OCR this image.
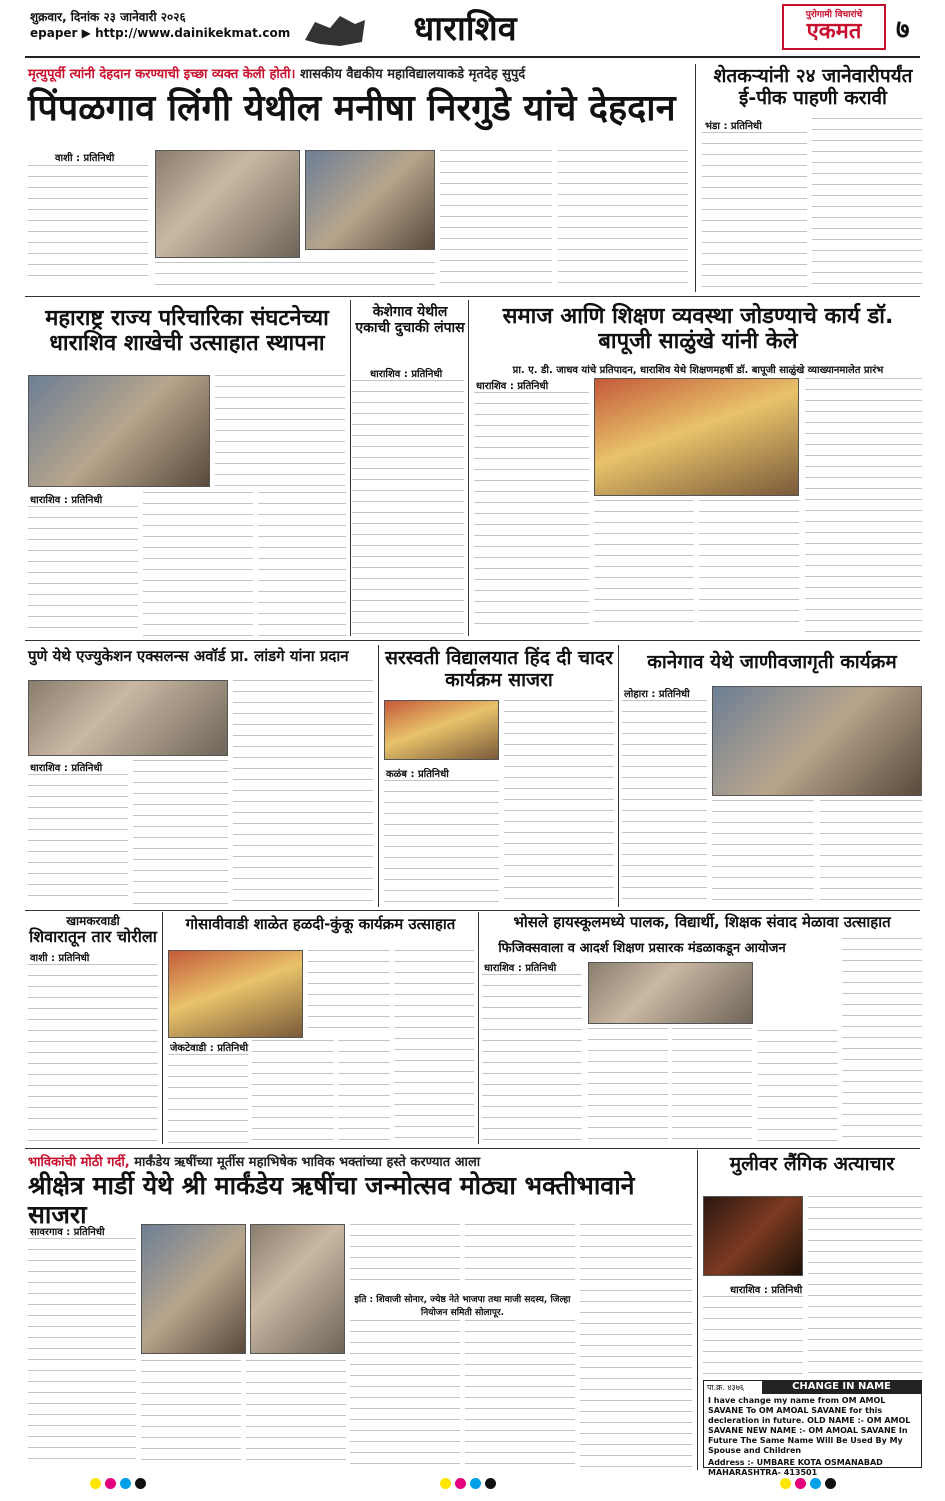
शुक्रवार, दिनांक २३ जानेवारी २०२६
epaper ▶ http://www.dainikekmat.com	धाराशिव	पुरोगामी विचारांचे
एकमत	७
मृत्युपूर्वी त्यांनी देहदान करण्याची इच्छा व्यक्त केली होती। शासकीय वैद्यकीय महाविद्यालयाकडे मृतदेह सुपुर्द
पिंपळगाव लिंगी येथील मनीषा निरगुडे यांचे देहदान
वाशी : प्रतिनिधी
शेतकऱ्यांनी २४ जानेवारीपर्यंत ई-पीक पाहणी करावी
भंडा : प्रतिनिधी
महाराष्ट्र राज्य परिचारिका संघटनेच्या धाराशिव शाखेची उत्साहात स्थापना
धाराशिव : प्रतिनिधी
केशेगाव येथील एकाची दुचाकी लंपास
धाराशिव : प्रतिनिधी
समाज आणि शिक्षण व्यवस्था जोडण्याचे कार्य डॉ. बापूजी साळुंखे यांनी केले
प्रा. ए. डी. जाधव यांचे प्रतिपादन, धाराशिव येथे शिक्षणमहर्षी डॉ. बापूजी साळुंखे व्याख्यानमालेत प्रारंभ
धाराशिव : प्रतिनिधी
पुणे येथे एज्युकेशन एक्सलन्स अवॉर्ड प्रा. लांडगे यांना प्रदान
धाराशिव : प्रतिनिधी
सरस्वती विद्यालयात हिंद दी चादर कार्यक्रम साजरा
कळंब : प्रतिनिधी
कानेगाव येथे जाणीवजागृती कार्यक्रम
लोहारा : प्रतिनिधी
खामकरवाडी
शिवारातून तार चोरीला
वाशी : प्रतिनिधी
गोसावीवाडी शाळेत हळदी-कुंकू कार्यक्रम उत्साहात
जेकटेवाडी : प्रतिनिधी
भोसले हायस्कूलमध्ये पालक, विद्यार्थी, शिक्षक संवाद मेळावा उत्साहात
फिजिक्सवाला व आदर्श शिक्षण प्रसारक मंडळाकडून आयोजन
धाराशिव : प्रतिनिधी
भाविकांची मोठी गर्दी, मार्कंडेय ऋषींच्या मूर्तीस महाभिषेक भाविक भक्तांच्या हस्ते करण्यात आला
श्रीक्षेत्र मार्डी येथे श्री मार्कंडेय ऋषींचा जन्मोत्सव मोठ्या भक्तीभावाने साजरा
सावरगाव : प्रतिनिधी
इति : शिवाजी सोनार, ज्येष्ठ नेते भाजपा तथा माजी सदस्य, जिल्हा नियोजन समिती सोलापूर.
मुलीवर लैंगिक अत्याचार
धाराशिव : प्रतिनिधी
पा.क्र. ४३७६	CHANGE IN NAME
I have change my name from OM AMOL SAVANE To OM AMOAL SAVANE for this decleration in future. OLD NAME :- OM AMOL SAVANE NEW NAME :- OM AMOAL SAVANE In Future The Same Name Will Be Used By My Spouse and Children
Address :- UMBARE KOTA OSMANABAD MAHARASHTRA- 413501
